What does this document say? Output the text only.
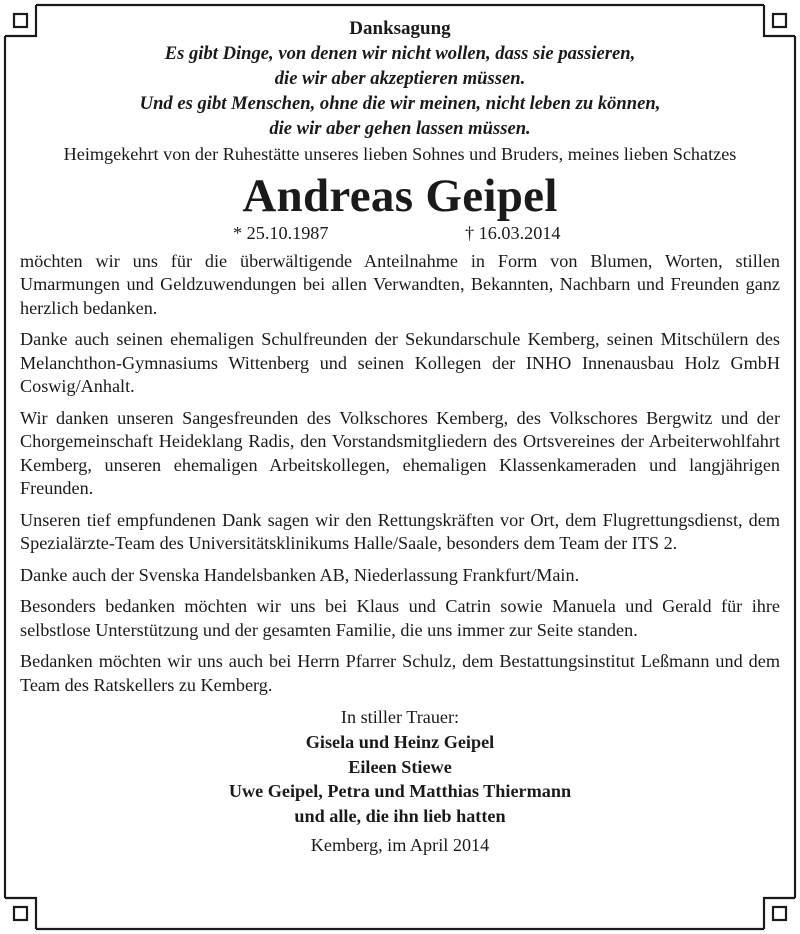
Danksagung
Es gibt Dinge, von denen wir nicht wollen, dass sie passieren,
die wir aber akzeptieren müssen.
Und es gibt Menschen, ohne die wir meinen, nicht leben zu können,
die wir aber gehen lassen müssen.
Heimgekehrt von der Ruhestätte unseres lieben Sohnes und Bruders, meines lieben Schatzes
Andreas Geipel
* 25.10.1987	† 16.03.2014

möchten wir uns für die überwältigende Anteilnahme in Form von Blumen, Worten, stillen Umarmungen und Geldzuwendungen bei allen Verwandten, Bekannten, Nachbarn und Freunden ganz herzlich bedanken.

Danke auch seinen ehemaligen Schulfreunden der Sekundarschule Kemberg, seinen Mitschülern des Melanchthon-Gymnasiums Wittenberg und seinen Kollegen der INHO Innenausbau Holz GmbH Coswig/Anhalt.

Wir danken unseren Sangesfreunden des Volkschores Kemberg, des Volkschores Bergwitz und der Chorgemeinschaft Heideklang Radis, den Vorstandsmitgliedern des Ortsvereines der Arbeiterwohlfahrt Kemberg, unseren ehemaligen Arbeitskollegen, ehemaligen Klassenkameraden und langjährigen Freunden.

Unseren tief empfundenen Dank sagen wir den Rettungskräften vor Ort, dem Flugrettungsdienst, dem Spezialärzte-Team des Universitätsklinikums Halle/Saale, besonders dem Team der ITS 2.

Danke auch der Svenska Handelsbanken AB, Niederlassung Frankfurt/Main.

Besonders bedanken möchten wir uns bei Klaus und Catrin sowie Manuela und Gerald für ihre selbstlose Unterstützung und der gesamten Familie, die uns immer zur Seite standen.

Bedanken möchten wir uns auch bei Herrn Pfarrer Schulz, dem Bestattungsinstitut Leßmann und dem Team des Ratskellers zu Kemberg.

In stiller Trauer:
Gisela und Heinz Geipel
Eileen Stiewe
Uwe Geipel, Petra und Matthias Thiermann
und alle, die ihn lieb hatten
Kemberg, im April 2014
